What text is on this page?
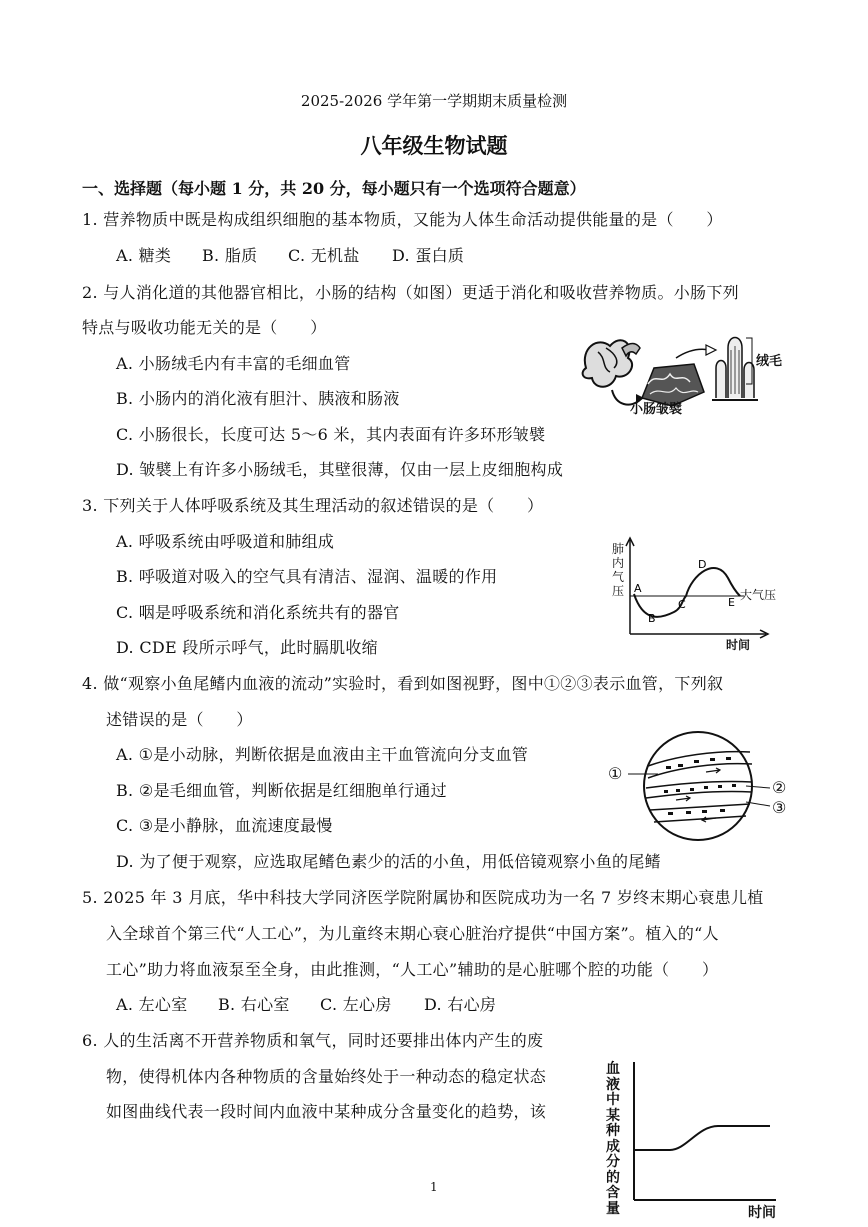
2025-2026 学年第一学期期末质量检测
八年级生物试题
一、选择题（每小题 1 分，共 20 分，每小题只有一个选项符合题意）
1. 营养物质中既是构成组织细胞的基本物质，又能为人体生命活动提供能量的是（　　）
A. 糖类 B. 脂质 C. 无机盐 D. 蛋白质
2. 与人消化道的其他器官相比，小肠的结构（如图）更适于消化和吸收营养物质。小肠下列
特点与吸收功能无关的是（　　）
A. 小肠绒毛内有丰富的毛细血管
B. 小肠内的消化液有胆汁、胰液和肠液
C. 小肠很长，长度可达 5～6 米，其内表面有许多环形皱襞
D. 皱襞上有许多小肠绒毛，其壁很薄，仅由一层上皮细胞构成
小肠皱襞
绒毛
3. 下列关于人体呼吸系统及其生理活动的叙述错误的是（　　）
A. 呼吸系统由呼吸道和肺组成
B. 呼吸道对吸入的空气具有清洁、湿润、温暖的作用
C. 咽是呼吸系统和消化系统共有的器官
D. CDE 段所示呼气，此时膈肌收缩
A
B
C
D
E
肺
内
气
压	大气压
时间
4. 做“观察小鱼尾鳍内血液的流动”实验时，看到如图视野，图中①②③表示血管，下列叙
述错误的是（　　）
A. ①是小动脉，判断依据是血液由主干血管流向分支血管
B. ②是毛细血管，判断依据是红细胞单行通过
C. ③是小静脉，血流速度最慢
D. 为了便于观察，应选取尾鳍色素少的活的小鱼，用低倍镜观察小鱼的尾鳍
①
②
③
5. 2025 年 3 月底，华中科技大学同济医学院附属协和医院成功为一名 7 岁终末期心衰患儿植
入全球首个第三代“人工心”，为儿童终末期心衰心脏治疗提供“中国方案”。植入的“人
工心”助力将血液泵至全身，由此推测，“人工心”辅助的是心脏哪个腔的功能（　　）
A. 左心室 B. 右心室 C. 左心房 D. 右心房
6. 人的生活离不开营养物质和氧气，同时还要排出体内产生的废
物，使得机体内各种物质的含量始终处于一种动态的稳定状态
如图曲线代表一段时间内血液中某种成分含量变化的趋势，该
血
液
中
某
种
成
分
的
含
量	时间
1
